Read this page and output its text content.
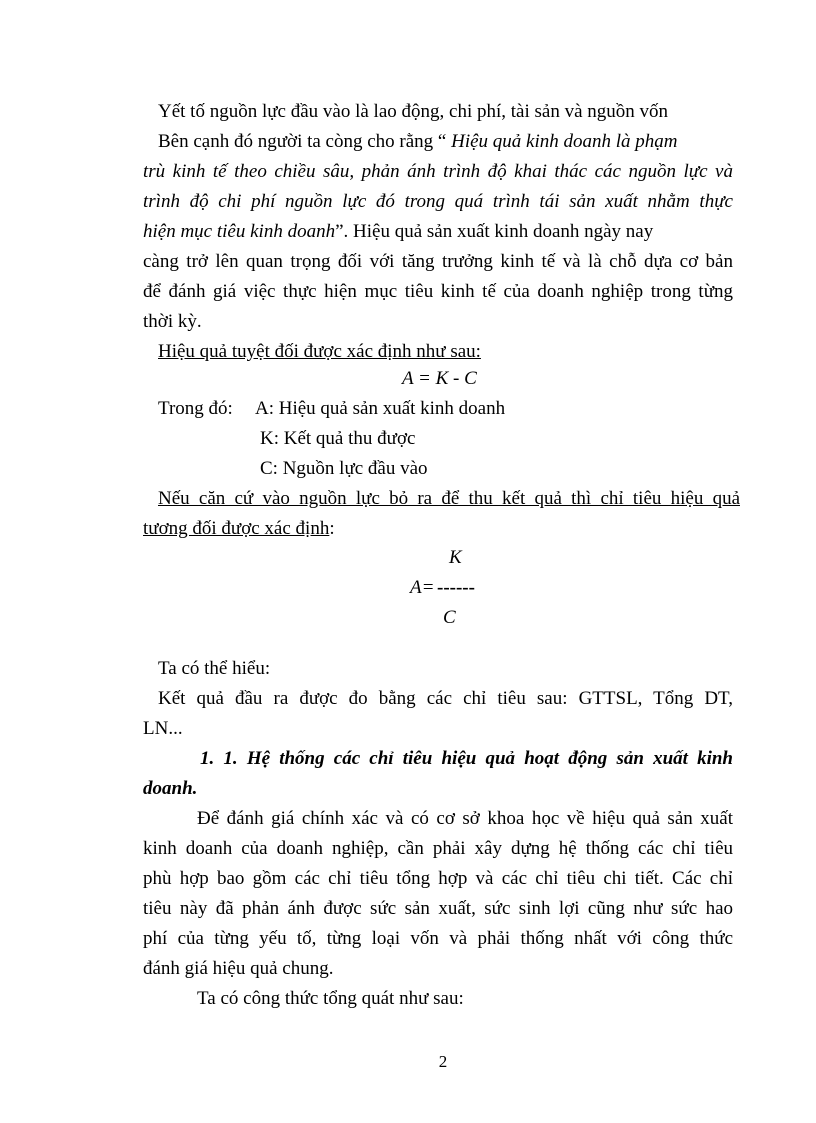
Yết tố nguồn lực đầu vào là lao động, chi phí, tài sản và nguồn vốn
Bên cạnh đó người ta còng cho rằng “ Hiệu quả kinh doanh là phạm
trù kinh tế theo chiều sâu, phản ánh trình độ khai thác các nguồn lực và
trình độ chi phí nguồn lực đó trong quá trình tái sản xuất nhằm thực
hiện mục tiêu kinh doanh”. Hiệu quả sản xuất kinh doanh ngày nay
càng trở lên quan trọng đối với tăng trưởng kinh tế và là chỗ dựa cơ bản
để đánh giá việc thực hiện mục tiêu kinh tế của doanh nghiệp trong từng
thời kỳ.
Hiệu quả tuyệt đối được xác định như sau:
A = K - C
Trong đó: A: Hiệu quả sản xuất kinh doanh
K: Kết quả thu được
C: Nguồn lực đầu vào
Nếu căn cứ vào nguồn lực bỏ ra để thu kết quả thì chỉ tiêu hiệu quả
tương đối được xác định:
K
A= ------
C
Ta có thể hiểu:
Kết quả đầu ra được đo bằng các chỉ tiêu sau: GTTSL, Tổng DT,
LN...
1. 1. Hệ thống các chỉ tiêu hiệu quả hoạt động sản xuất kinh
doanh.
Để đánh giá chính xác và có cơ sở khoa học về hiệu quả sản xuất
kinh doanh của doanh nghiệp, cần phải xây dựng hệ thống các chỉ tiêu
phù hợp bao gồm các chỉ tiêu tổng hợp và các chỉ tiêu chi tiết. Các chỉ
tiêu này đã phản ánh được sức sản xuất, sức sinh lợi cũng như sức hao
phí của từng yếu tố, từng loại vốn và phải thống nhất với công thức
đánh giá hiệu quả chung.
Ta có công thức tổng quát như sau:
2
